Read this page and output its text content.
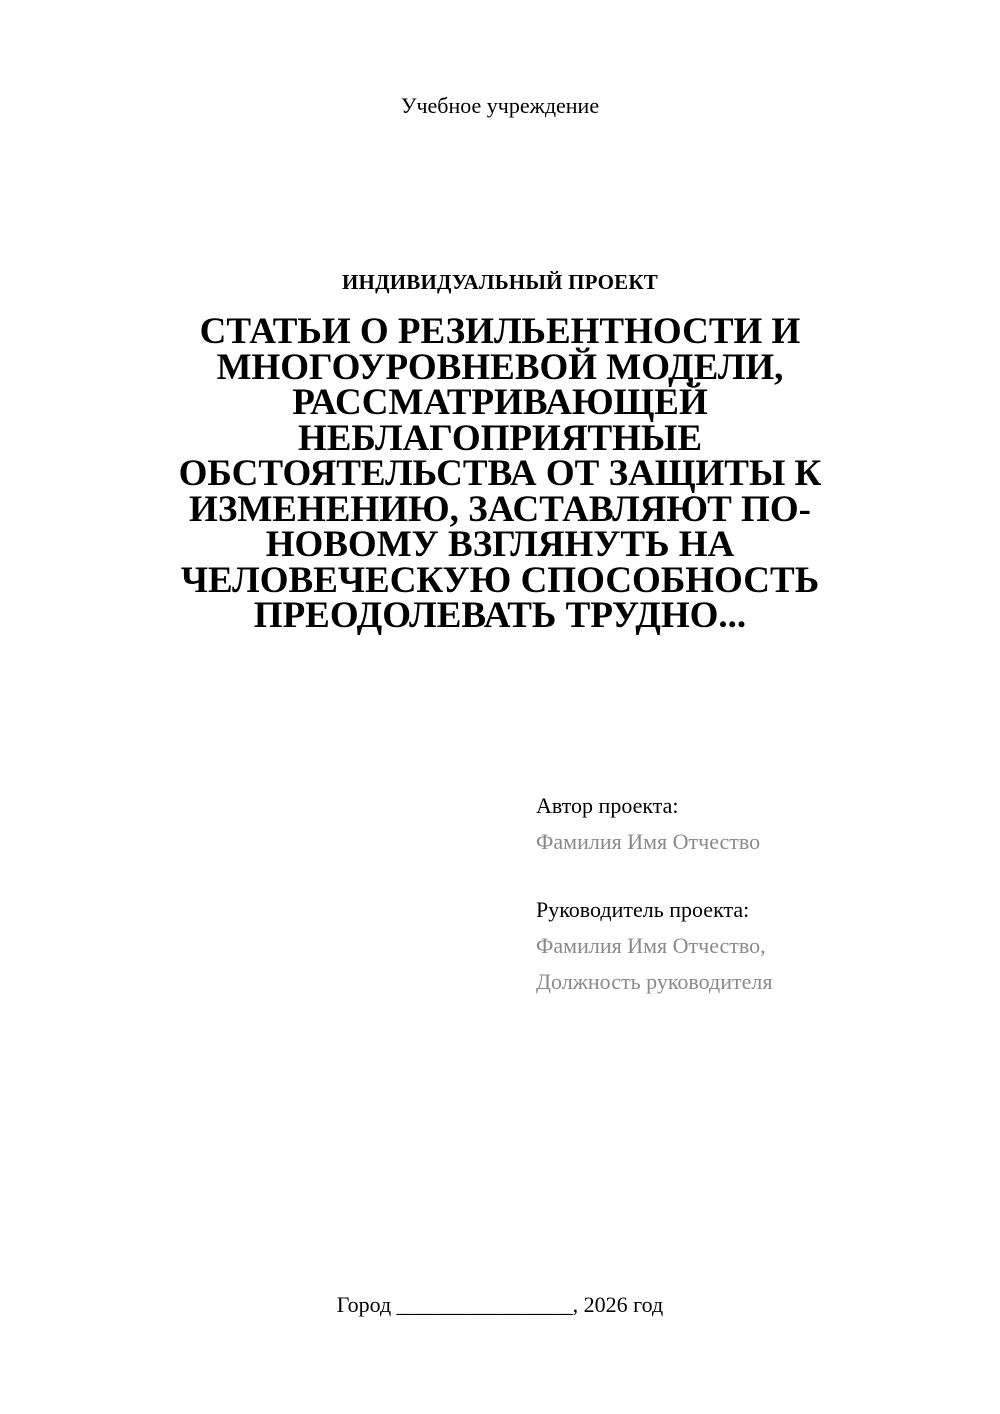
Учебное учреждение
ИНДИВИДУАЛЬНЫЙ ПРОЕКТ
СТАТЬИ О РЕЗИЛЬЕНТНОСТИ И МНОГОУРОВНЕВОЙ МОДЕЛИ, РАССМАТРИВАЮЩЕЙ НЕБЛАГОПРИЯТНЫЕ ОБСТОЯТЕЛЬСТВА ОТ ЗАЩИТЫ К ИЗМЕНЕНИЮ, ЗАСТАВЛЯЮТ ПО-НОВОМУ ВЗГЛЯНУТЬ НА ЧЕЛОВЕЧЕСКУЮ СПОСОБНОСТЬ ПРЕОДОЛЕВАТЬ ТРУДНО...
Автор проекта:
Фамилия Имя Отчество
Руководитель проекта:
Фамилия Имя Отчество,
Должность руководителя
Город ________________, 2026 год
